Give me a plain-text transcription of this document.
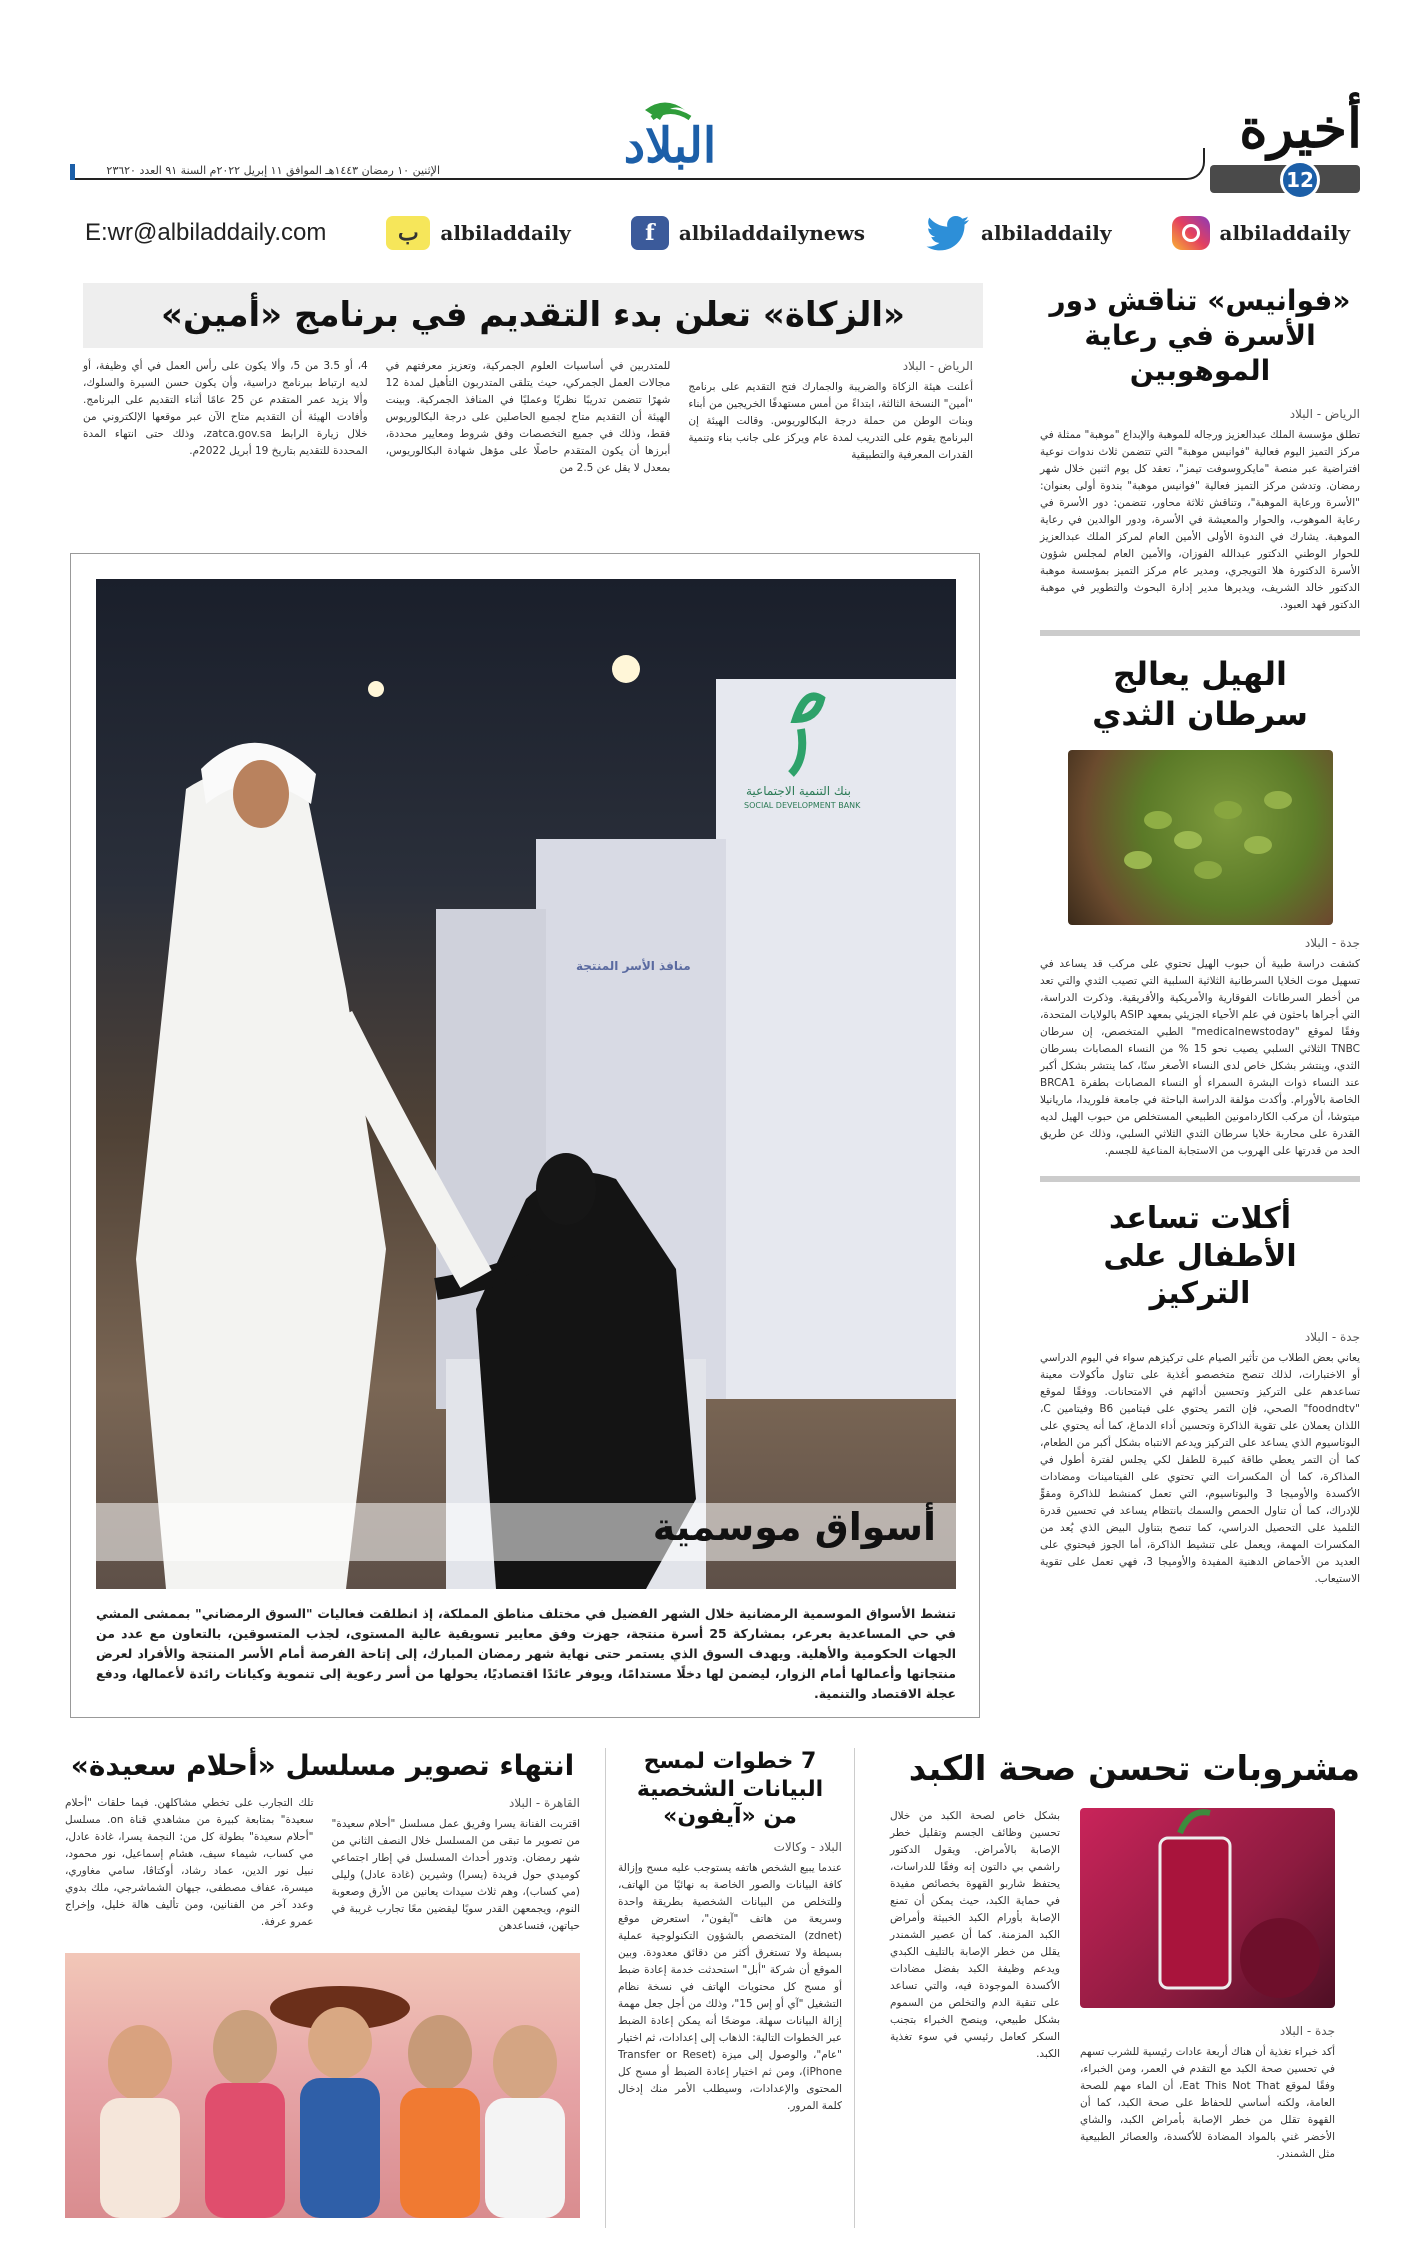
أخيرة
12
البلاد
الإثنين ١٠ رمضان ١٤٤٣هـ الموافق ١١ إبريل ٢٠٢٢م السنة ٩١ العدد ٢٣٦٢٠
E:wr@albiladdaily.com	ب	albiladdaily	f	albiladdailynews	albiladdaily	albiladdaily
«الزكاة» تعلن بدء التقديم في برنامج «أمين»
الرياض - البلاد

أعلنت هيئة الزكاة والضريبة والجمارك فتح التقديم على برنامج "أمين" النسخة الثالثة، ابتداءً من أمس مستهدفًا الخريجين من أبناء وبنات الوطن من حملة درجة البكالوريوس. وقالت الهيئة إن البرنامج يقوم على التدريب لمدة عام ويركز على جانب بناء وتنمية القدرات المعرفية والتطبيقية

للمتدربين في أساسيات العلوم الجمركية، وتعزيز معرفتهم في مجالات العمل الجمركي، حيث يتلقى المتدربون التأهيل لمدة 12 شهرًا تتضمن تدريبًا نظريًا وعمليًا في المنافذ الجمركية. وبينت الهيئة أن التقديم متاح لجميع الحاصلين على درجة البكالوريوس فقط، وذلك في جميع التخصصات وفق شروط ومعايير محددة، أبرزها أن يكون المتقدم حاصلًا على مؤهل شهادة البكالوريوس، بمعدل لا يقل عن 2.5 من

4، أو 3.5 من 5، وألا يكون على رأس العمل في أي وظيفة، أو لديه ارتباط ببرنامج دراسية، وأن يكون حسن السيرة والسلوك، وألا يزيد عمر المتقدم عن 25 عامًا أثناء التقديم على البرنامج. وأفادت الهيئة أن التقديم متاح الآن عبر موقعها الإلكتروني من خلال زيارة الرابط zatca.gov.sa، وذلك حتى انتهاء المدة المحددة للتقديم بتاريخ 19 أبريل 2022م.

منافذ الأسر المنتجة
بنك التنمية الاجتماعية
SOCIAL DEVELOPMENT BANK
أسواق موسمية
تنشط الأسواق الموسمية الرمضانية خلال الشهر الفضيل في مختلف مناطق المملكة، إذ انطلقت فعاليات "السوق الرمضاني" بممشى المشي في حي المساعدية بعرعر، بمشاركة 25 أسرة منتجة، جهزت وفق معايير تسويقية عالية المستوى، لجذب المتسوقين، بالتعاون مع عدد من الجهات الحكومية والأهلية. ويهدف السوق الذي يستمر حتى نهاية شهر رمضان المبارك، إلى إتاحة الفرصة أمام الأسر المنتجة والأفراد لعرض منتجاتها وأعمالها أمام الزوار، ليضمن لها دخلًا مستدامًا، ويوفر عائدًا اقتصاديًا، يحولها من أسر رعوية إلى تنموية وكيانات رائدة لأعمالها، ودفع عجلة الاقتصاد والتنمية.
«فوانيس» تناقش دور الأسرة في رعاية الموهوبين
الرياض - البلاد

تطلق مؤسسة الملك عبدالعزيز ورجاله للموهبة والإبداع "موهبة" ممثلة في مركز التميز اليوم فعالية "فوانيس موهبة" التي تتضمن ثلاث ندوات نوعية افتراضية عبر منصة "مايكروسوفت تيمز"، تعقد كل يوم اثنين خلال شهر رمضان. وتدشن مركز التميز فعالية "فوانيس موهبة" بندوة أولى بعنوان: "الأسرة ورعاية الموهبة"، وتناقش ثلاثة محاور، تتضمن: دور الأسرة في رعاية الموهوب، والحوار والمعيشة في الأسرة، ودور الوالدين في رعاية الموهبة. يشارك في الندوة الأولى الأمين العام لمركز الملك عبدالعزيز للحوار الوطني الدكتور عبدالله الفوزان، والأمين العام لمجلس شؤون الأسرة الدكتورة هلا التويجري، ومدير عام مركز التميز بمؤسسة موهبة الدكتور خالد الشريف، ويديرها مدير إدارة البحوث والتطوير في موهبة الدكتور فهد العبود.

الهيل يعالج سرطان الثدي
جدة - البلاد

كشفت دراسة طبية أن حبوب الهيل تحتوي على مركب قد يساعد في تسهيل موت الخلايا السرطانية الثلاثية السلبية التي تصيب الثدي والتي تعد من أخطر السرطانات الفوقارية والأمريكية والأفريقية. وذكرت الدراسة، التي أجراها باحثون في علم الأحياء الجزيئي بمعهد ASIP بالولايات المتحدة، وفقًا لموقع "medicalnewstoday" الطبي المتخصص، إن سرطان TNBC الثلاثي السلبي يصيب نحو 15 % من النساء المصابات بسرطان الثدي، وينتشر بشكل خاص لدى النساء الأصغر سنًا، كما ينتشر بشكل أكبر عند النساء ذوات البشرة السمراء أو النساء المصابات بطفرة BRCA1 الخاصة بالأورام. وأكدت مؤلفة الدراسة الباحثة في جامعة فلوريدا، ماريانيلا ميتوشا، أن مركب الكاردامونين الطبيعي المستخلص من حبوب الهيل لديه القدرة على محاربة خلايا سرطان الثدي الثلاثي السلبي، وذلك عن طريق الحد من قدرتها على الهروب من الاستجابة المناعية للجسم.

أكلات تساعد الأطفال على التركيز
جدة - البلاد

يعاني بعض الطلاب من تأثير الصيام على تركيزهم سواء في اليوم الدراسي أو الاختبارات، لذلك تنصح متخصصو أغذية على تناول مأكولات معينة تساعدهم على التركيز وتحسين أدائهم في الامتحانات. ووفقًا لموقع "foodndtv" الصحي، فإن التمر يحتوي على فيتامين B6 وفيتامين C، اللذان يعملان على تقوية الذاكرة وتحسين أداء الدماغ، كما أنه يحتوي على البوتاسيوم الذي يساعد على التركيز ويدعم الانتباه بشكل أكبر من الطعام، كما أن التمر يعطي طاقة كبيرة للطفل لكي يجلس لفترة أطول في المذاكرة، كما أن المكسرات التي تحتوي على الفيتامينات ومضادات الأكسدة والأوميجا 3 والبوتاسيوم، التي تعمل كمنشط للذاكرة ومقوٍّ للإدراك، كما أن تناول الحمص والسمك بانتظام يساعد في تحسين قدرة التلميذ على التحصيل الدراسي، كما تنصح بتناول البيض الذي يُعد من المكسرات المهمة، ويعمل على تنشيط الذاكرة، أما الجوز فيحتوي على العديد من الأحماض الدهنية المفيدة والأوميجا 3، فهي تعمل على تقوية الاستيعاب.

مشروبات تحسن صحة الكبد
جدة - البلاد

أكد خبراء تغذية أن هناك أربعة عادات رئيسية للشرب تسهم في تحسين صحة الكبد مع التقدم في العمر، ومن الخبراء، وفقًا لموقع Eat This Not That، أن الماء مهم للصحة العامة، ولكنه أساسي للحفاظ على صحة الكبد، كما أن القهوة تقلل من خطر الإصابة بأمراض الكبد، والشاي الأخضر غني بالمواد المضادة للأكسدة، والعصائر الطبيعية مثل الشمندر.

بشكل خاص لصحة الكبد من خلال تحسين وظائف الجسم وتقليل خطر الإصابة بالأمراض. ويقول الدكتور راشمي بي دالتون إنه وفقًا للدراسات، يحتفظ شاربو القهوة بخصائص مفيدة في حماية الكبد، حيث يمكن أن تمنع الإصابة بأورام الكبد الخبيثة وأمراض الكبد المزمنة. كما أن عصير الشمندر يقلل من خطر الإصابة بالتليف الكبدي ويدعم وظيفة الكبد بفضل مضادات الأكسدة الموجودة فيه، والتي تساعد على تنقية الدم والتخلص من السموم بشكل طبيعي، وينصح الخبراء بتجنب السكر كعامل رئيسي في سوء تغذية الكبد.

7 خطوات لمسح البيانات الشخصية من «آيفون»
البلاد - وكالات

عندما يبيع الشخص هاتفه يستوجب عليه مسح وإزالة كافة البيانات والصور الخاصة به نهائيًا من الهاتف، وللتخلص من البيانات الشخصية بطريقة واحدة وسريعة من هاتف "آيفون"، استعرض موقع (zdnet) المتخصص بالشؤون التكنولوجية عملية بسيطة ولا تستغرق أكثر من دقائق معدودة. وبين الموقع أن شركة "أبل" استحدثت خدمة إعادة ضبط أو مسح كل محتويات الهاتف في نسخة نظام التشغيل "آي أو إس 15"، وذلك من أجل جعل مهمة إزالة البيانات سهلة. موضحًا أنه يمكن إعادة الضبط عبر الخطوات التالية: الذهاب إلى إعدادات، ثم اختيار "عام"، والوصول إلى ميزة (Transfer or Reset iPhone)، ومن ثم اختيار إعادة الضبط أو مسح كل المحتوى والإعدادات، وسيطلب الأمر منك إدخال كلمة المرور.

انتهاء تصوير مسلسل «أحلام سعيدة»
القاهرة - البلاد

اقتربت الفنانة يسرا وفريق عمل مسلسل "أحلام سعيدة" من تصوير ما تبقى من المسلسل خلال النصف الثاني من شهر رمضان. وتدور أحداث المسلسل في إطار اجتماعي كوميدي حول فريدة (يسرا) وشيرين (غادة عادل) وليلى (مي كساب)، وهم ثلاث سيدات يعانين من الأرق وصعوبة النوم، ويجمعهن القدر سويًا ليقضين معًا تجارب غريبة في حياتهن، فتساعدهن

تلك التجارب على تخطي مشاكلهن. فيما حلقات "أحلام سعيدة" بمتابعة كبيرة من مشاهدي قناة on. مسلسل "أحلام سعيدة" بطولة كل من: النجمة يسرا، غادة عادل، مي كساب، شيماء سيف، هشام إسماعيل، نور محمود، نبيل نور الدين، عماد رشاد، أوكتاڤا، سامي مغاوري، ميسرة، عفاف مصطفى، جيهان الشماشرجي، ملك بدوي وعدد آخر من الفنانين، ومن تأليف هالة خليل، وإخراج عمرو عرفة.
